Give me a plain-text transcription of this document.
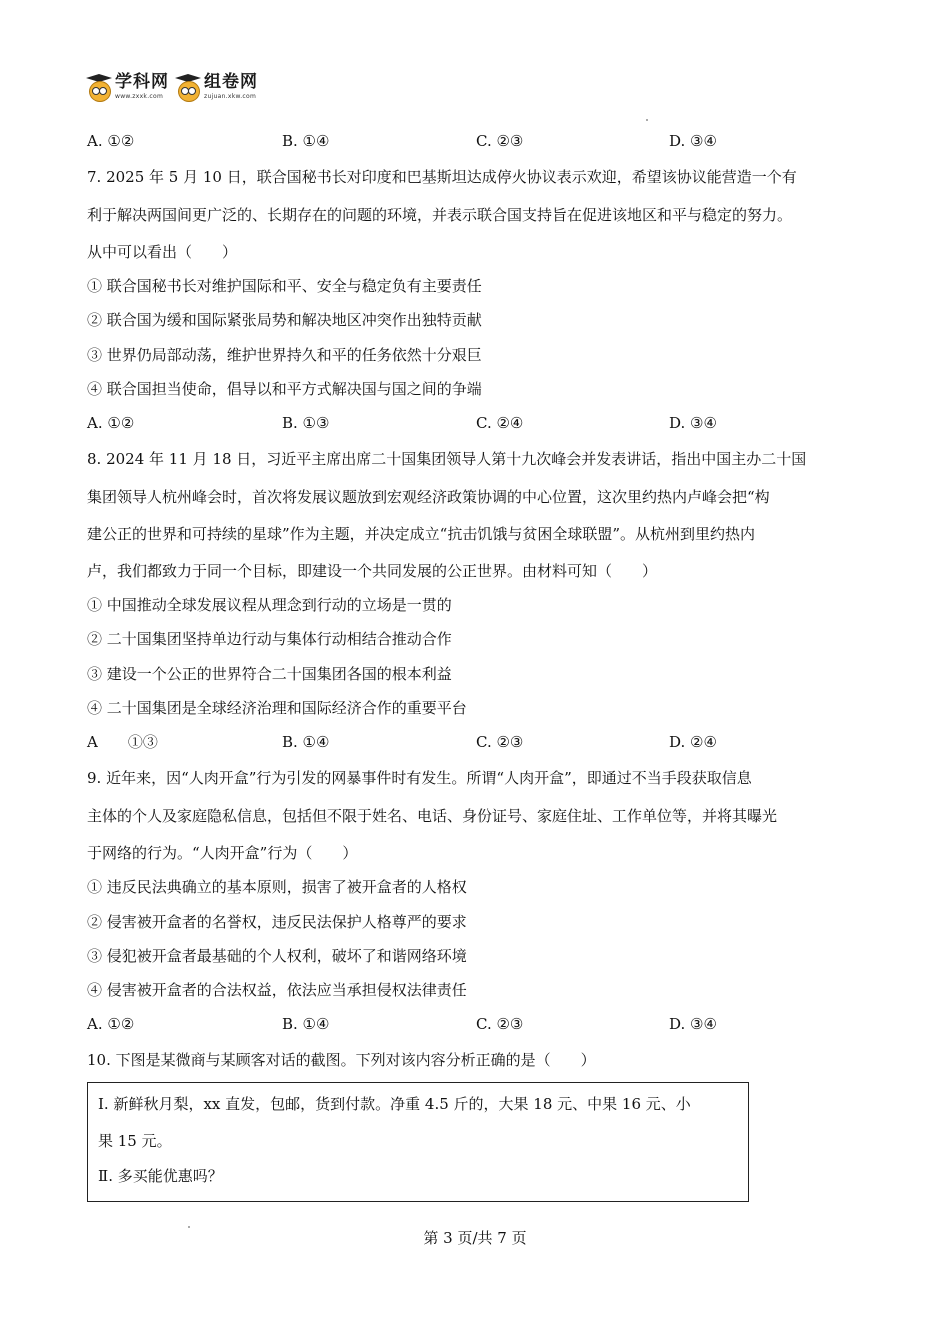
学科网
www.zxxk.com
组卷网
zujuan.xkw.com
A. ①②	B. ①④	C. ②③	D. ③④
7. 2025 年 5 月 10 日，联合国秘书长对印度和巴基斯坦达成停火协议表示欢迎，希望该协议能营造一个有
利于解决两国间更广泛的、长期存在的问题的环境，并表示联合国支持旨在促进该地区和平与稳定的努力。
从中可以看出（　　）
① 联合国秘书长对维护国际和平、安全与稳定负有主要责任
② 联合国为缓和国际紧张局势和解决地区冲突作出独特贡献
③ 世界仍局部动荡，维护世界持久和平的任务依然十分艰巨
④ 联合国担当使命，倡导以和平方式解决国与国之间的争端
A. ①②	B. ①③	C. ②④	D. ③④
8. 2024 年 11 月 18 日，习近平主席出席二十国集团领导人第十九次峰会并发表讲话，指出中国主办二十国
集团领导人杭州峰会时，首次将发展议题放到宏观经济政策协调的中心位置，这次里约热内卢峰会把“构
建公正的世界和可持续的星球”作为主题，并决定成立“抗击饥饿与贫困全球联盟”。从杭州到里约热内
卢，我们都致力于同一个目标，即建设一个共同发展的公正世界。由材料可知（　　）
① 中国推动全球发展议程从理念到行动的立场是一贯的
② 二十国集团坚持单边行动与集体行动相结合推动合作
③ 建设一个公正的世界符合二十国集团各国的根本利益
④ 二十国集团是全球经济治理和国际经济合作的重要平台
A　　①③	B. ①④	C. ②③	D. ②④
9. 近年来，因“人肉开盒”行为引发的网暴事件时有发生。所谓“人肉开盒”，即通过不当手段获取信息
主体的个人及家庭隐私信息，包括但不限于姓名、电话、身份证号、家庭住址、工作单位等，并将其曝光
于网络的行为。“人肉开盒”行为（　　）
① 违反民法典确立的基本原则，损害了被开盒者的人格权
② 侵害被开盒者的名誉权，违反民法保护人格尊严的要求
③ 侵犯被开盒者最基础的个人权利，破坏了和谐网络环境
④ 侵害被开盒者的合法权益，依法应当承担侵权法律责任
A. ①②	B. ①④	C. ②③	D. ③④
10. 下图是某微商与某顾客对话的截图。下列对该内容分析正确的是（　　）
Ⅰ. 新鲜秋月梨，xx 直发，包邮，货到付款。净重 4.5 斤的，大果 18 元、中果 16 元、小
果 15 元。
Ⅱ. 多买能优惠吗？
第 3 页/共 7 页
